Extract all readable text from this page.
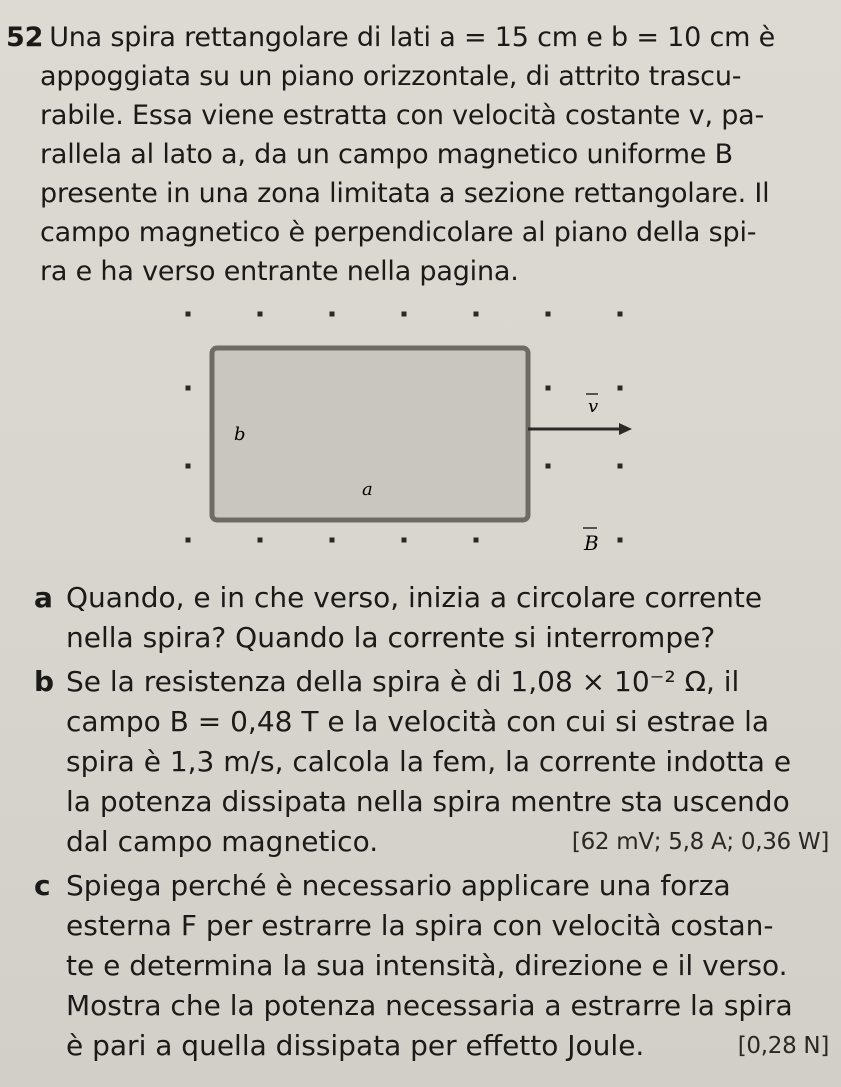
52 Una spira rettangolare di lati a = 15 cm e b = 10 cm è
appoggiata su un piano orizzontale, di attrito trascu-
rabile. Essa viene estratta con velocità costante v, pa-
rallela al lato a, da un campo magnetico uniforme B
presente in una zona limitata a sezione rettangolare. Il
campo magnetico è perpendicolare al piano della spi-
ra e ha verso entrante nella pagina.
b
a
v
B
a Quando, e in che verso, inizia a circolare corrente
nella spira? Quando la corrente si interrompe?
b Se la resistenza della spira è di 1,08 × 10⁻² Ω, il
campo B = 0,48 T e la velocità con cui si estrae la
spira è 1,3 m/s, calcola la fem, la corrente indotta e
la potenza dissipata nella spira mentre sta uscendo
dal campo magnetico.	[62 mV; 5,8 A; 0,36 W]
c Spiega perché è necessario applicare una forza
esterna F per estrarre la spira con velocità costan-
te e determina la sua intensità, direzione e il verso.
Mostra che la potenza necessaria a estrarre la spira
è pari a quella dissipata per effetto Joule.	[0,28 N]
